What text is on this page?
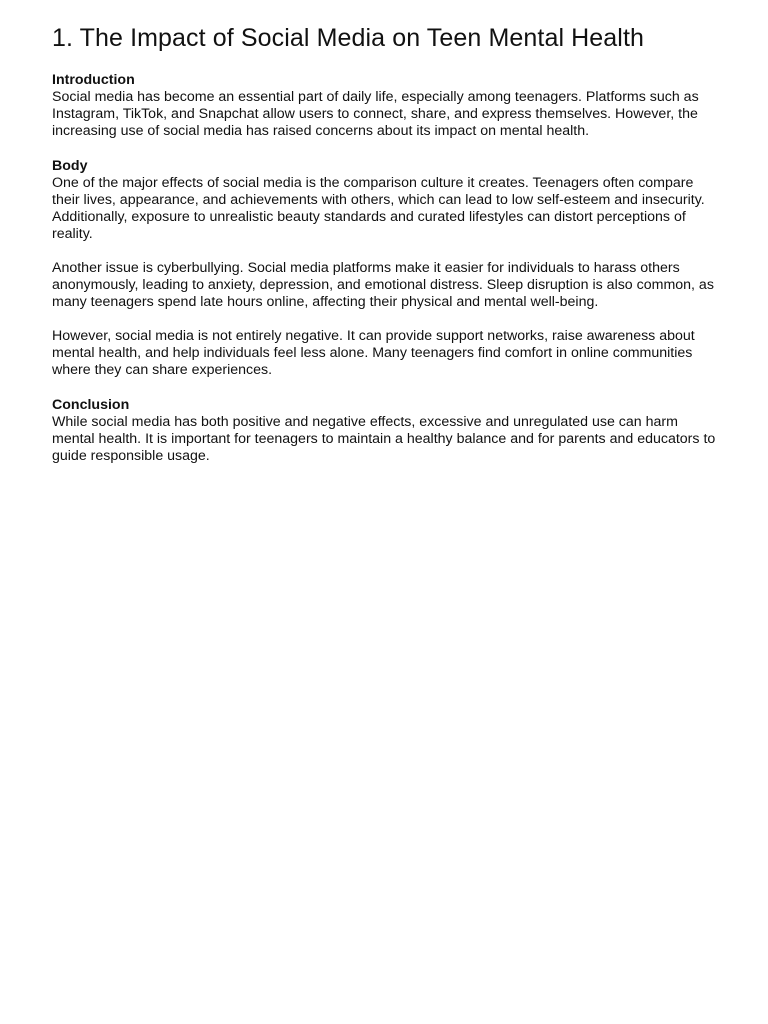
1. The Impact of Social Media on Teen Mental Health
Introduction

Social media has become an essential part of daily life, especially among teenagers. Platforms such as Instagram, TikTok, and Snapchat allow users to connect, share, and express themselves. However, the increasing use of social media has raised concerns about its impact on mental health.

Body

One of the major effects of social media is the comparison culture it creates. Teenagers often compare their lives, appearance, and achievements with others, which can lead to low self-esteem and insecurity. Additionally, exposure to unrealistic beauty standards and curated lifestyles can distort perceptions of reality.

Another issue is cyberbullying. Social media platforms make it easier for individuals to harass others anonymously, leading to anxiety, depression, and emotional distress. Sleep disruption is also common, as many teenagers spend late hours online, affecting their physical and mental well-being.

However, social media is not entirely negative. It can provide support networks, raise awareness about mental health, and help individuals feel less alone. Many teenagers find comfort in online communities where they can share experiences.

Conclusion

While social media has both positive and negative effects, excessive and unregulated use can harm mental health. It is important for teenagers to maintain a healthy balance and for parents and educators to guide responsible usage.
